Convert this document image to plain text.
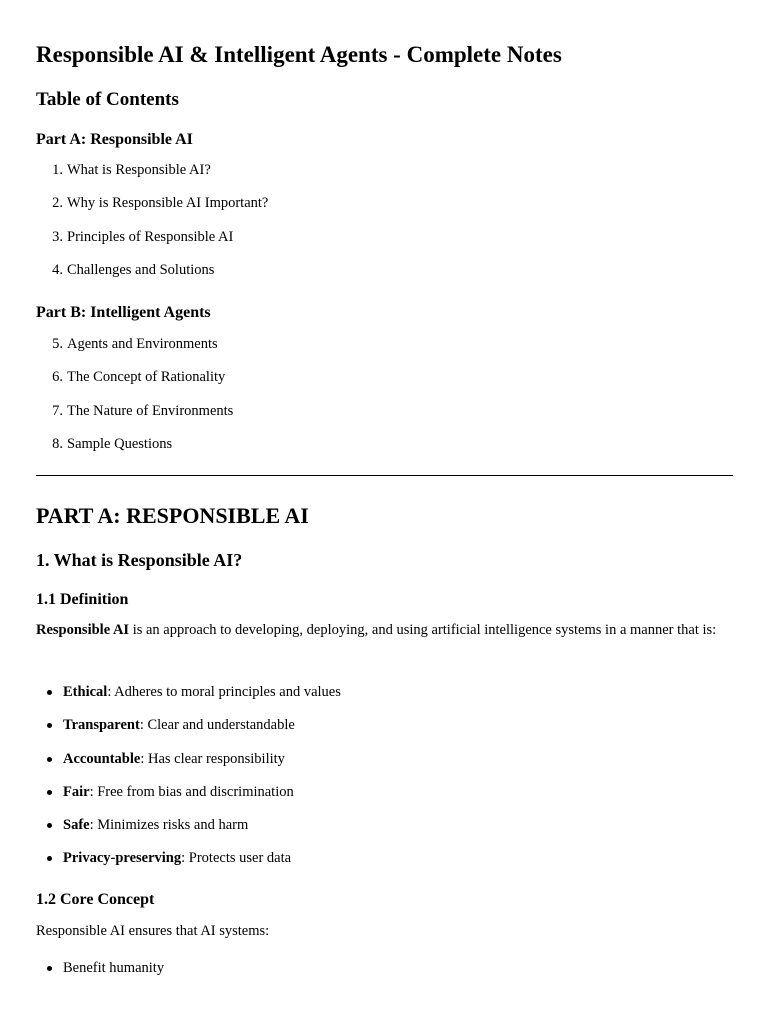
Responsible AI & Intelligent Agents - Complete Notes
Table of Contents
Part A: Responsible AI
1. What is Responsible AI?
2. Why is Responsible AI Important?
3. Principles of Responsible AI
4. Challenges and Solutions
Part B: Intelligent Agents
5. Agents and Environments
6. The Concept of Rationality
7. The Nature of Environments
8. Sample Questions
PART A: RESPONSIBLE AI
1. What is Responsible AI?
1.1 Definition

Responsible AI is an approach to developing, deploying, and using artificial intelligence systems in a manner that is:

Ethical: Adheres to moral principles and values
Transparent: Clear and understandable
Accountable: Has clear responsibility
Fair: Free from bias and discrimination
Safe: Minimizes risks and harm
Privacy-preserving: Protects user data
1.2 Core Concept

Responsible AI ensures that AI systems:

Benefit humanity
